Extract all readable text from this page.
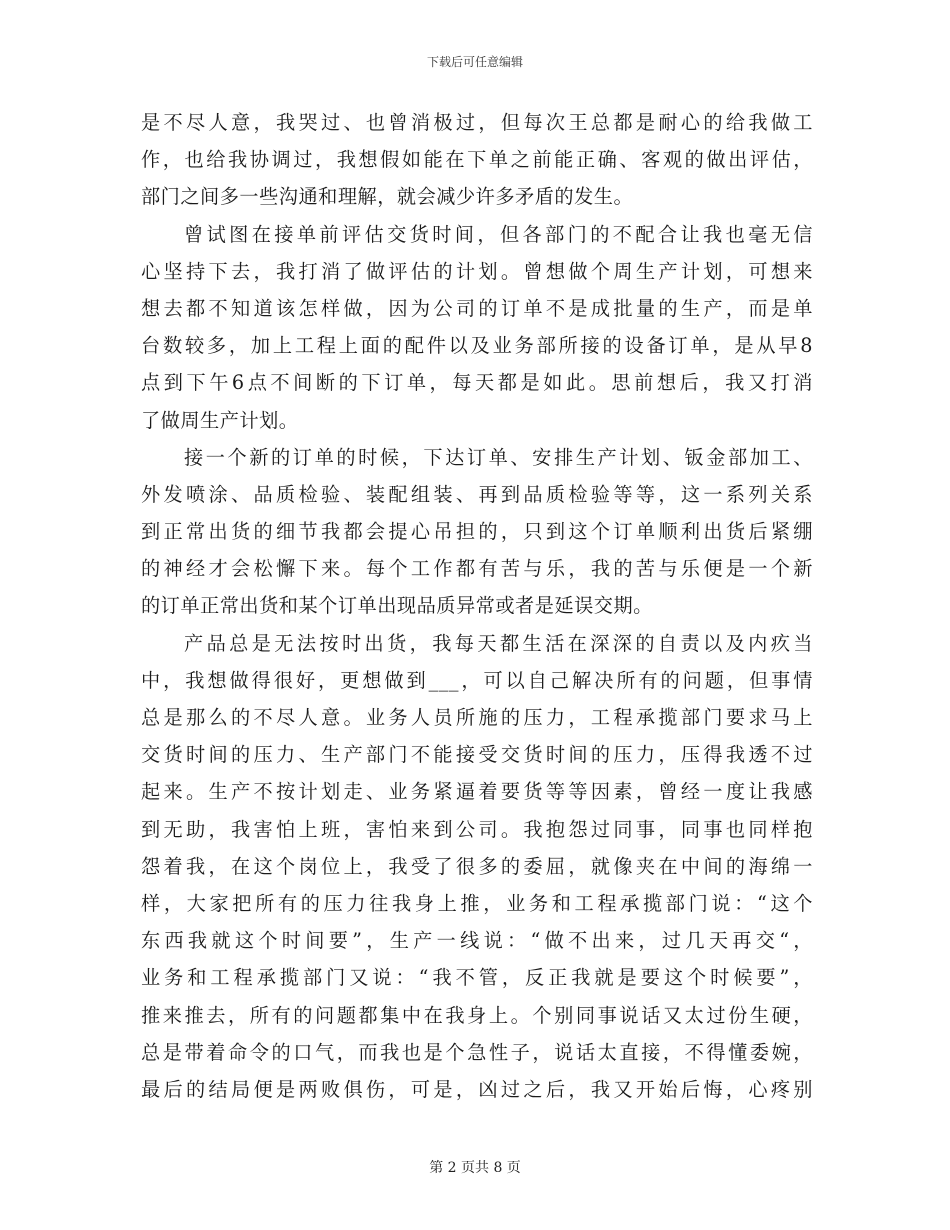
下载后可任意编辑
是不尽人意，我哭过、也曾消极过，但每次王总都是耐心的给我做工
作，也给我协调过，我想假如能在下单之前能正确、客观的做出评估，
部门之间多一些沟通和理解，就会减少许多矛盾的发生。
曾试图在接单前评估交货时间，但各部门的不配合让我也毫无信
心坚持下去，我打消了做评估的计划。曾想做个周生产计划，可想来
想去都不知道该怎样做，因为公司的订单不是成批量的生产，而是单
台数较多，加上工程上面的配件以及业务部所接的设备订单，是从早8
点到下午6点不间断的下订单，每天都是如此。思前想后，我又打消
了做周生产计划。
接一个新的订单的时候，下达订单、安排生产计划、钣金部加工、
外发喷涂、品质检验、装配组装、再到品质检验等等，这一系列关系
到正常出货的细节我都会提心吊担的，只到这个订单顺利出货后紧绷
的神经才会松懈下来。每个工作都有苦与乐，我的苦与乐便是一个新
的订单正常出货和某个订单出现品质异常或者是延误交期。
产品总是无法按时出货，我每天都生活在深深的自责以及内疚当
中，我想做得很好，更想做到___，可以自己解决所有的问题，但事情
总是那么的不尽人意。业务人员所施的压力，工程承揽部门要求马上
交货时间的压力、生产部门不能接受交货时间的压力，压得我透不过
起来。生产不按计划走、业务紧逼着要货等等因素，曾经一度让我感
到无助，我害怕上班，害怕来到公司。我抱怨过同事，同事也同样抱
怨着我，在这个岗位上，我受了很多的委屈，就像夹在中间的海绵一
样，大家把所有的压力往我身上推，业务和工程承揽部门说：“这个
东西我就这个时间要”，生产一线说：“做不出来，过几天再交“，
业务和工程承揽部门又说：“我不管，反正我就是要这个时候要”，
推来推去，所有的问题都集中在我身上。个别同事说话又太过份生硬，
总是带着命令的口气，而我也是个急性子，说话太直接，不得懂委婉，
最后的结局便是两败俱伤，可是，凶过之后，我又开始后悔，心疼别
第 2 页共 8 页
